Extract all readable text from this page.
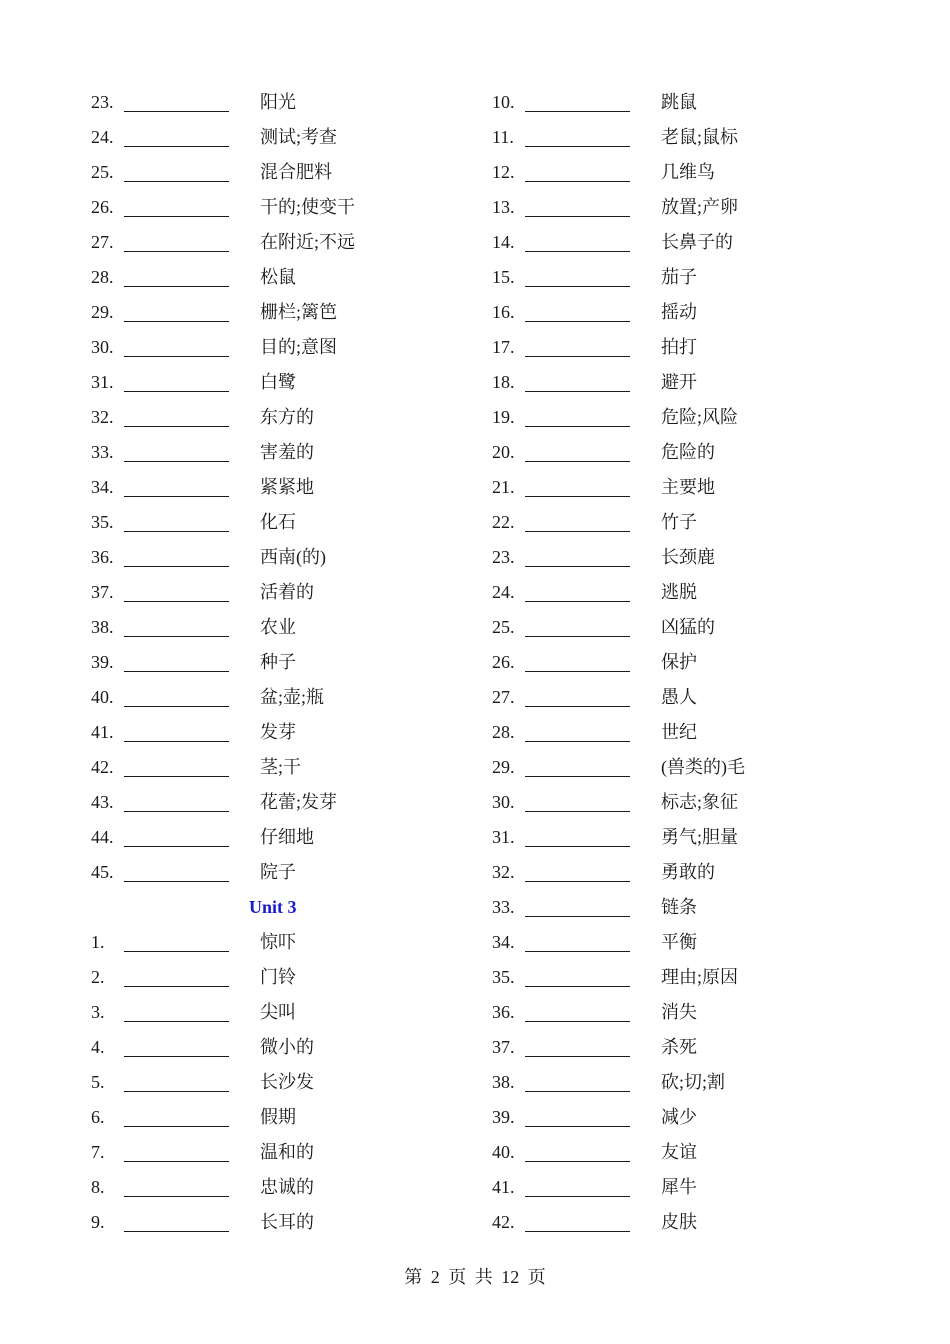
23.	阳光
24.	测试;考查
25.	混合肥料
26.	干的;使变干
27.	在附近;不远
28.	松鼠
29.	栅栏;篱笆
30.	目的;意图
31.	白鹭
32.	东方的
33.	害羞的
34.	紧紧地
35.	化石
36.	西南(的)
37.	活着的
38.	农业
39.	种子
40.	盆;壶;瓶
41.	发芽
42.	茎;干
43.	花蕾;发芽
44.	仔细地
45.	院子
Unit 3
1.	惊吓
2.	门铃
3.	尖叫
4.	微小的
5.	长沙发
6.	假期
7.	温和的
8.	忠诚的
9.	长耳的
10.	跳鼠
11.	老鼠;鼠标
12.	几维鸟
13.	放置;产卵
14.	长鼻子的
15.	茄子
16.	摇动
17.	拍打
18.	避开
19.	危险;风险
20.	危险的
21.	主要地
22.	竹子
23.	长颈鹿
24.	逃脱
25.	凶猛的
26.	保护
27.	愚人
28.	世纪
29.	(兽类的)毛
30.	标志;象征
31.	勇气;胆量
32.	勇敢的
33.	链条
34.	平衡
35.	理由;原因
36.	消失
37.	杀死
38.	砍;切;割
39.	减少
40.	友谊
41.	犀牛
42.	皮肤
第 2 页 共 12 页
